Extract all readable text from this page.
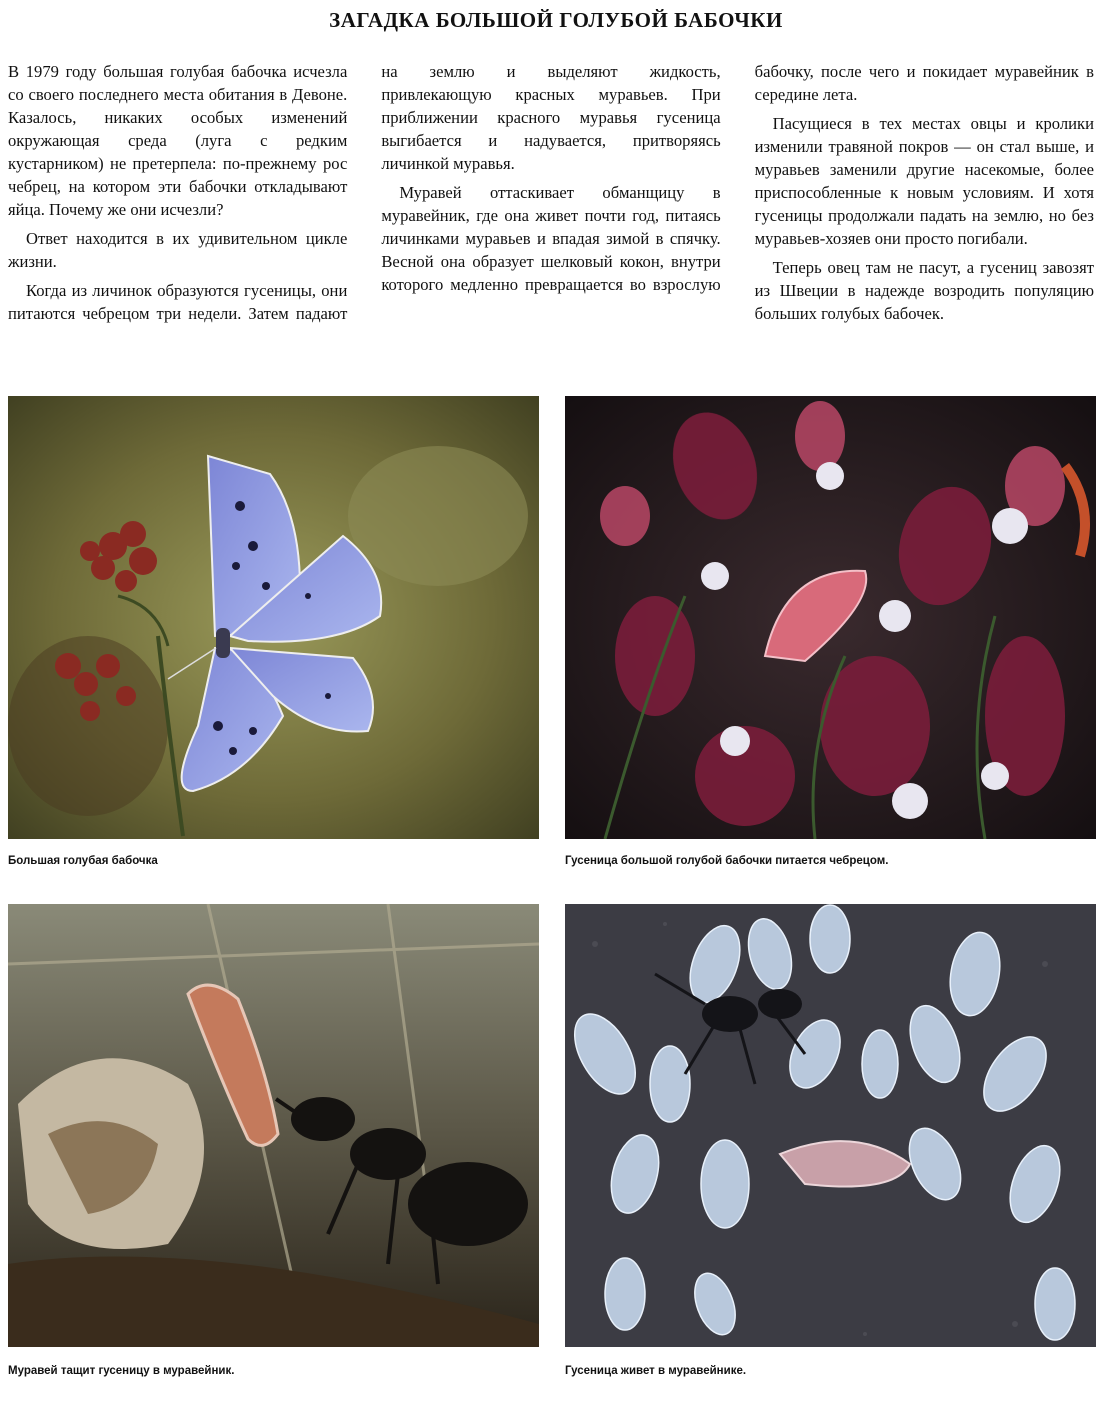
ЗАГАДКА БОЛЬШОЙ ГОЛУБОЙ БАБОЧКИ

В 1979 году большая голубая бабочка исчезла со своего последнего места обитания в Девоне. Казалось, никаких особых изменений окружающая среда (луга с редким кустарником) не претерпела: по-прежнему рос чебрец, на котором эти бабочки откладывают яйца. Почему же они исчезли?

Ответ находится в их удивительном цикле жизни.

Когда из личинок образуются гусеницы, они питаются чебрецом три недели. Затем падают на землю и выделяют жидкость, привлекающую красных муравьев. При приближении красного муравья гусеница выгибается и надувается, притворяясь личинкой муравья.

Муравей оттаскивает обманщицу в муравейник, где она живет почти год, питаясь личинками муравьев и впадая зимой в спячку. Весной она образует шелковый кокон, внутри которого медленно превращается во взрослую бабочку, после чего и покидает муравейник в середине лета.

Пасущиеся в тех местах овцы и кролики изменили травяной покров — он стал выше, и муравьев заменили другие насекомые, более приспособленные к новым условиям. И хотя гусеницы продолжали падать на землю, но без муравьев-хозяев они просто погибали.

Теперь овец там не пасут, а гусениц завозят из Швеции в надежде возродить популяцию больших голубых бабочек.

Большая голубая бабочка	Гусеница большой голубой бабочки питается чебрецом.
Муравей тащит гусеницу в муравейник.	Гусеница живет в муравейнике.
